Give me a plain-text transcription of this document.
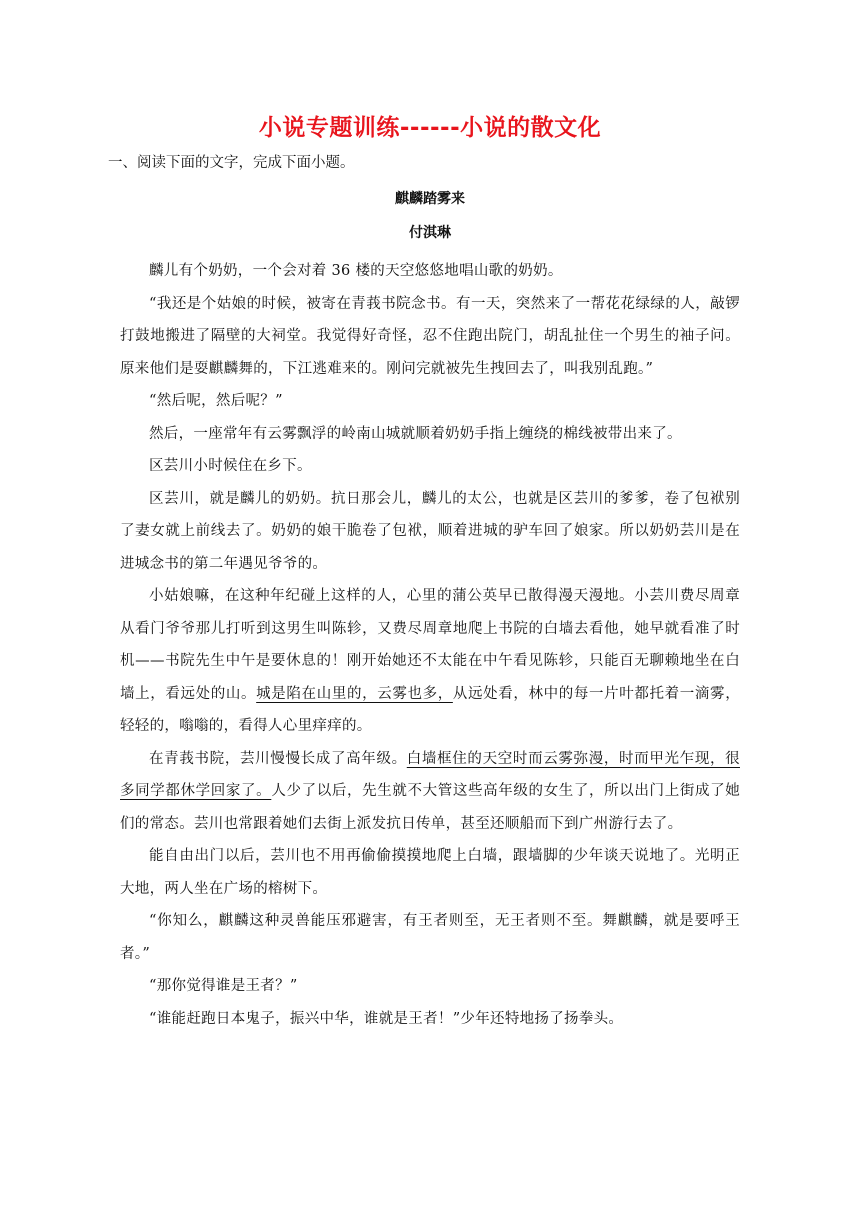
小说专题训练------小说的散文化
一、阅读下面的文字，完成下面小题。
麒麟踏雾来
付淇琳

麟儿有个奶奶，一个会对着 36 楼的天空悠悠地唱山歌的奶奶。

“我还是个姑娘的时候，被寄在青莪书院念书。有一天，突然来了一帮花花绿绿的人，敲锣打鼓地搬进了隔壁的大祠堂。我觉得好奇怪，忍不住跑出院门，胡乱扯住一个男生的袖子问。原来他们是耍麒麟舞的，下江逃难来的。刚问完就被先生拽回去了，叫我别乱跑。”

“然后呢，然后呢？”

然后，一座常年有云雾飘浮的岭南山城就顺着奶奶手指上缠绕的棉线被带出来了。

区芸川小时候住在乡下。

区芸川，就是麟儿的奶奶。抗日那会儿，麟儿的太公，也就是区芸川的爹爹，卷了包袱别了妻女就上前线去了。奶奶的娘干脆卷了包袱，顺着进城的驴车回了娘家。所以奶奶芸川是在进城念书的第二年遇见爷爷的。

小姑娘嘛，在这种年纪碰上这样的人，心里的蒲公英早已散得漫天漫地。小芸川费尽周章从看门爷爷那儿打听到这男生叫陈轸，又费尽周章地爬上书院的白墙去看他，她早就看准了时机——书院先生中午是要休息的！刚开始她还不太能在中午看见陈轸，只能百无聊赖地坐在白墙上，看远处的山。城是陷在山里的，云雾也多，从远处看，林中的每一片叶都托着一滴雾，轻轻的，嗡嗡的，看得人心里痒痒的。

在青莪书院，芸川慢慢长成了高年级。白墙框住的天空时而云雾弥漫，时而甲光乍现，很多同学都休学回家了。人少了以后，先生就不大管这些高年级的女生了，所以出门上街成了她们的常态。芸川也常跟着她们去街上派发抗日传单，甚至还顺船而下到广州游行去了。

能自由出门以后，芸川也不用再偷偷摸摸地爬上白墙，跟墙脚的少年谈天说地了。光明正大地，两人坐在广场的榕树下。

“你知么，麒麟这种灵兽能压邪避害，有王者则至，无王者则不至。舞麒麟，就是要呼王者。”

“那你觉得谁是王者？”

“谁能赶跑日本鬼子，振兴中华，谁就是王者！”少年还特地扬了扬拳头。
